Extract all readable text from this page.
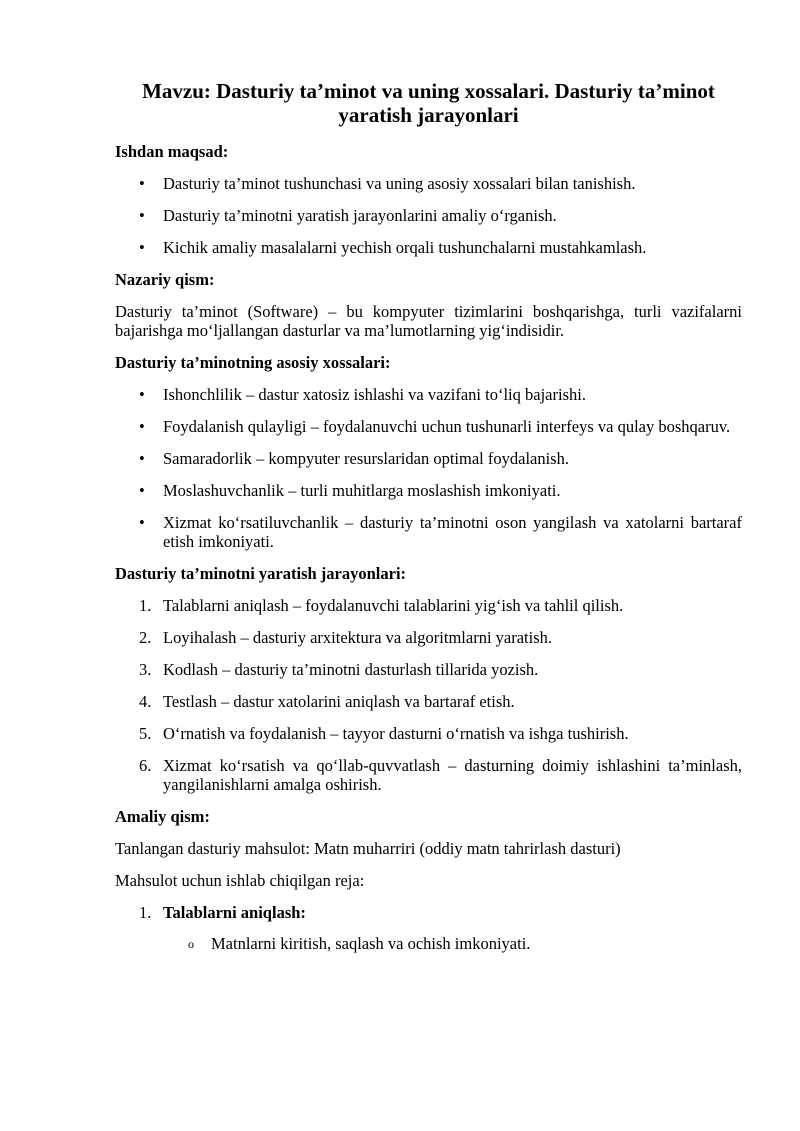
Mavzu: Dasturiy ta’minot va uning xossalari. Dasturiy ta’minot yaratish jarayonlari
Ishdan maqsad:
• Dasturiy ta’minot tushunchasi va uning asosiy xossalari bilan tanishish.
• Dasturiy ta’minotni yaratish jarayonlarini amaliy o‘rganish.
• Kichik amaliy masalalarni yechish orqali tushunchalarni mustahkamlash.
Nazariy qism:

Dasturiy ta’minot (Software) – bu kompyuter tizimlarini boshqarishga, turli vazifalarni bajarishga mo‘ljallangan dasturlar va ma’lumotlarning yig‘indisidir.

Dasturiy ta’minotning asosiy xossalari:
• Ishonchlilik – dastur xatosiz ishlashi va vazifani to‘liq bajarishi.
• Foydalanish qulayligi – foydalanuvchi uchun tushunarli interfeys va qulay boshqaruv.
• Samaradorlik – kompyuter resurslaridan optimal foydalanish.
• Moslashuvchanlik – turli muhitlarga moslashish imkoniyati.
• Xizmat ko‘rsatiluvchanlik – dasturiy ta’minotni oson yangilash va xatolarni bartaraf etish imkoniyati.
Dasturiy ta’minotni yaratish jarayonlari:
Talablarni aniqlash – foydalanuvchi talablarini yig‘ish va tahlil qilish.
Loyihalash – dasturiy arxitektura va algoritmlarni yaratish.
Kodlash – dasturiy ta’minotni dasturlash tillarida yozish.
Testlash – dastur xatolarini aniqlash va bartaraf etish.
O‘rnatish va foydalanish – tayyor dasturni o‘rnatish va ishga tushirish.
Xizmat ko‘rsatish va qo‘llab-quvvatlash – dasturning doimiy ishlashini ta’minlash, yangilanishlarni amalga oshirish.
Amaliy qism:

Tanlangan dasturiy mahsulot: Matn muharriri (oddiy matn tahrirlash dasturi)

Mahsulot uchun ishlab chiqilgan reja:

Talablarni aniqlash:
o Matnlarni kiritish, saqlash va ochish imkoniyati.
